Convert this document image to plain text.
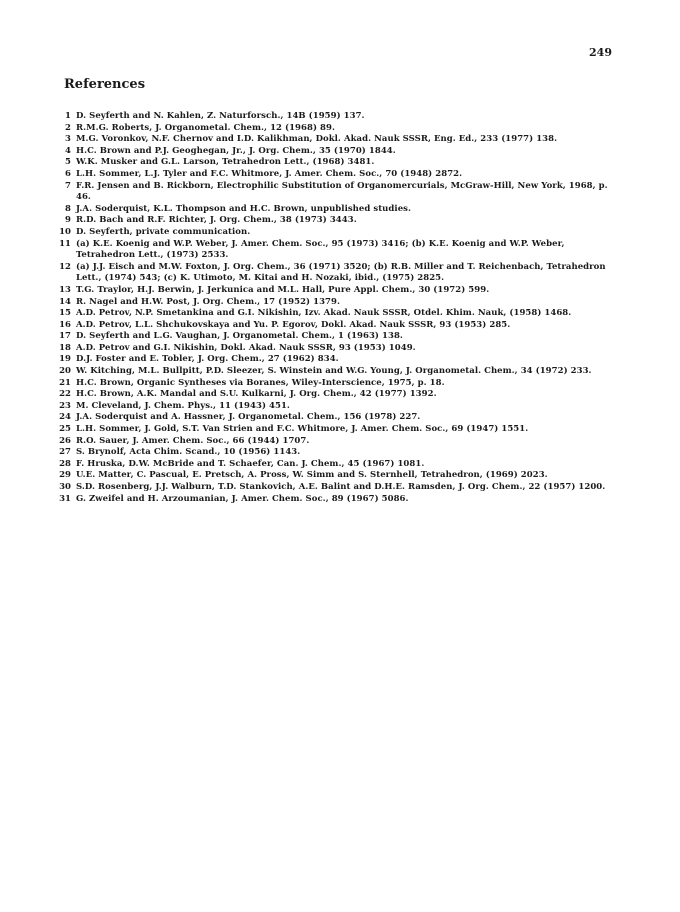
249
References
1 D. Seyferth and N. Kahlen, Z. Naturforsch., 14B (1959) 137.
2 R.M.G. Roberts, J. Organometal. Chem., 12 (1968) 89.
3 M.G. Voronkov, N.F. Chernov and I.D. Kalikhman, Dokl. Akad. Nauk SSSR, Eng. Ed., 233 (1977) 138.
4 H.C. Brown and P.J. Geoghegan, Jr., J. Org. Chem., 35 (1970) 1844.
5 W.K. Musker and G.L. Larson, Tetrahedron Lett., (1968) 3481.
6 L.H. Sommer, L.J. Tyler and F.C. Whitmore, J. Amer. Chem. Soc., 70 (1948) 2872.
7 F.R. Jensen and B. Rickborn, Electrophilic Substitution of Organomercurials, McGraw-Hill, New York, 1968, p. 46.
8 J.A. Soderquist, K.L. Thompson and H.C. Brown, unpublished studies.
9 R.D. Bach and R.F. Richter, J. Org. Chem., 38 (1973) 3443.
10 D. Seyferth, private communication.
11 (a) K.E. Koenig and W.P. Weber, J. Amer. Chem. Soc., 95 (1973) 3416; (b) K.E. Koenig and W.P. Weber, Tetrahedron Lett., (1973) 2533.
12 (a) J.J. Eisch and M.W. Foxton, J. Org. Chem., 36 (1971) 3520; (b) R.B. Miller and T. Reichenbach, Tetrahedron Lett., (1974) 543; (c) K. Utimoto, M. Kitai and H. Nozaki, ibid., (1975) 2825.
13 T.G. Traylor, H.J. Berwin, J. Jerkunica and M.L. Hall, Pure Appl. Chem., 30 (1972) 599.
14 R. Nagel and H.W. Post, J. Org. Chem., 17 (1952) 1379.
15 A.D. Petrov, N.P. Smetankina and G.I. Nikishin, Izv. Akad. Nauk SSSR, Otdel. Khim. Nauk, (1958) 1468.
16 A.D. Petrov, L.L. Shchukovskaya and Yu. P. Egorov, Dokl. Akad. Nauk SSSR, 93 (1953) 285.
17 D. Seyferth and L.G. Vaughan, J. Organometal. Chem., 1 (1963) 138.
18 A.D. Petrov and G.I. Nikishin, Dokl. Akad. Nauk SSSR, 93 (1953) 1049.
19 D.J. Foster and E. Tobler, J. Org. Chem., 27 (1962) 834.
20 W. Kitching, M.L. Bullpitt, P.D. Sleezer, S. Winstein and W.G. Young, J. Organometal. Chem., 34 (1972) 233.
21 H.C. Brown, Organic Syntheses via Boranes, Wiley-Interscience, 1975, p. 18.
22 H.C. Brown, A.K. Mandal and S.U. Kulkarni, J. Org. Chem., 42 (1977) 1392.
23 M. Cleveland, J. Chem. Phys., 11 (1943) 451.
24 J.A. Soderquist and A. Hassner, J. Organometal. Chem., 156 (1978) 227.
25 L.H. Sommer, J. Gold, S.T. Van Strien and F.C. Whitmore, J. Amer. Chem. Soc., 69 (1947) 1551.
26 R.O. Sauer, J. Amer. Chem. Soc., 66 (1944) 1707.
27 S. Brynolf, Acta Chim. Scand., 10 (1956) 1143.
28 F. Hruska, D.W. McBride and T. Schaefer, Can. J. Chem., 45 (1967) 1081.
29 U.E. Matter, C. Pascual, E. Pretsch, A. Pross, W. Simm and S. Sternhell, Tetrahedron, (1969) 2023.
30 S.D. Rosenberg, J.J. Walburn, T.D. Stankovich, A.E. Balint and D.H.E. Ramsden, J. Org. Chem., 22 (1957) 1200.
31 G. Zweifel and H. Arzoumanian, J. Amer. Chem. Soc., 89 (1967) 5086.
